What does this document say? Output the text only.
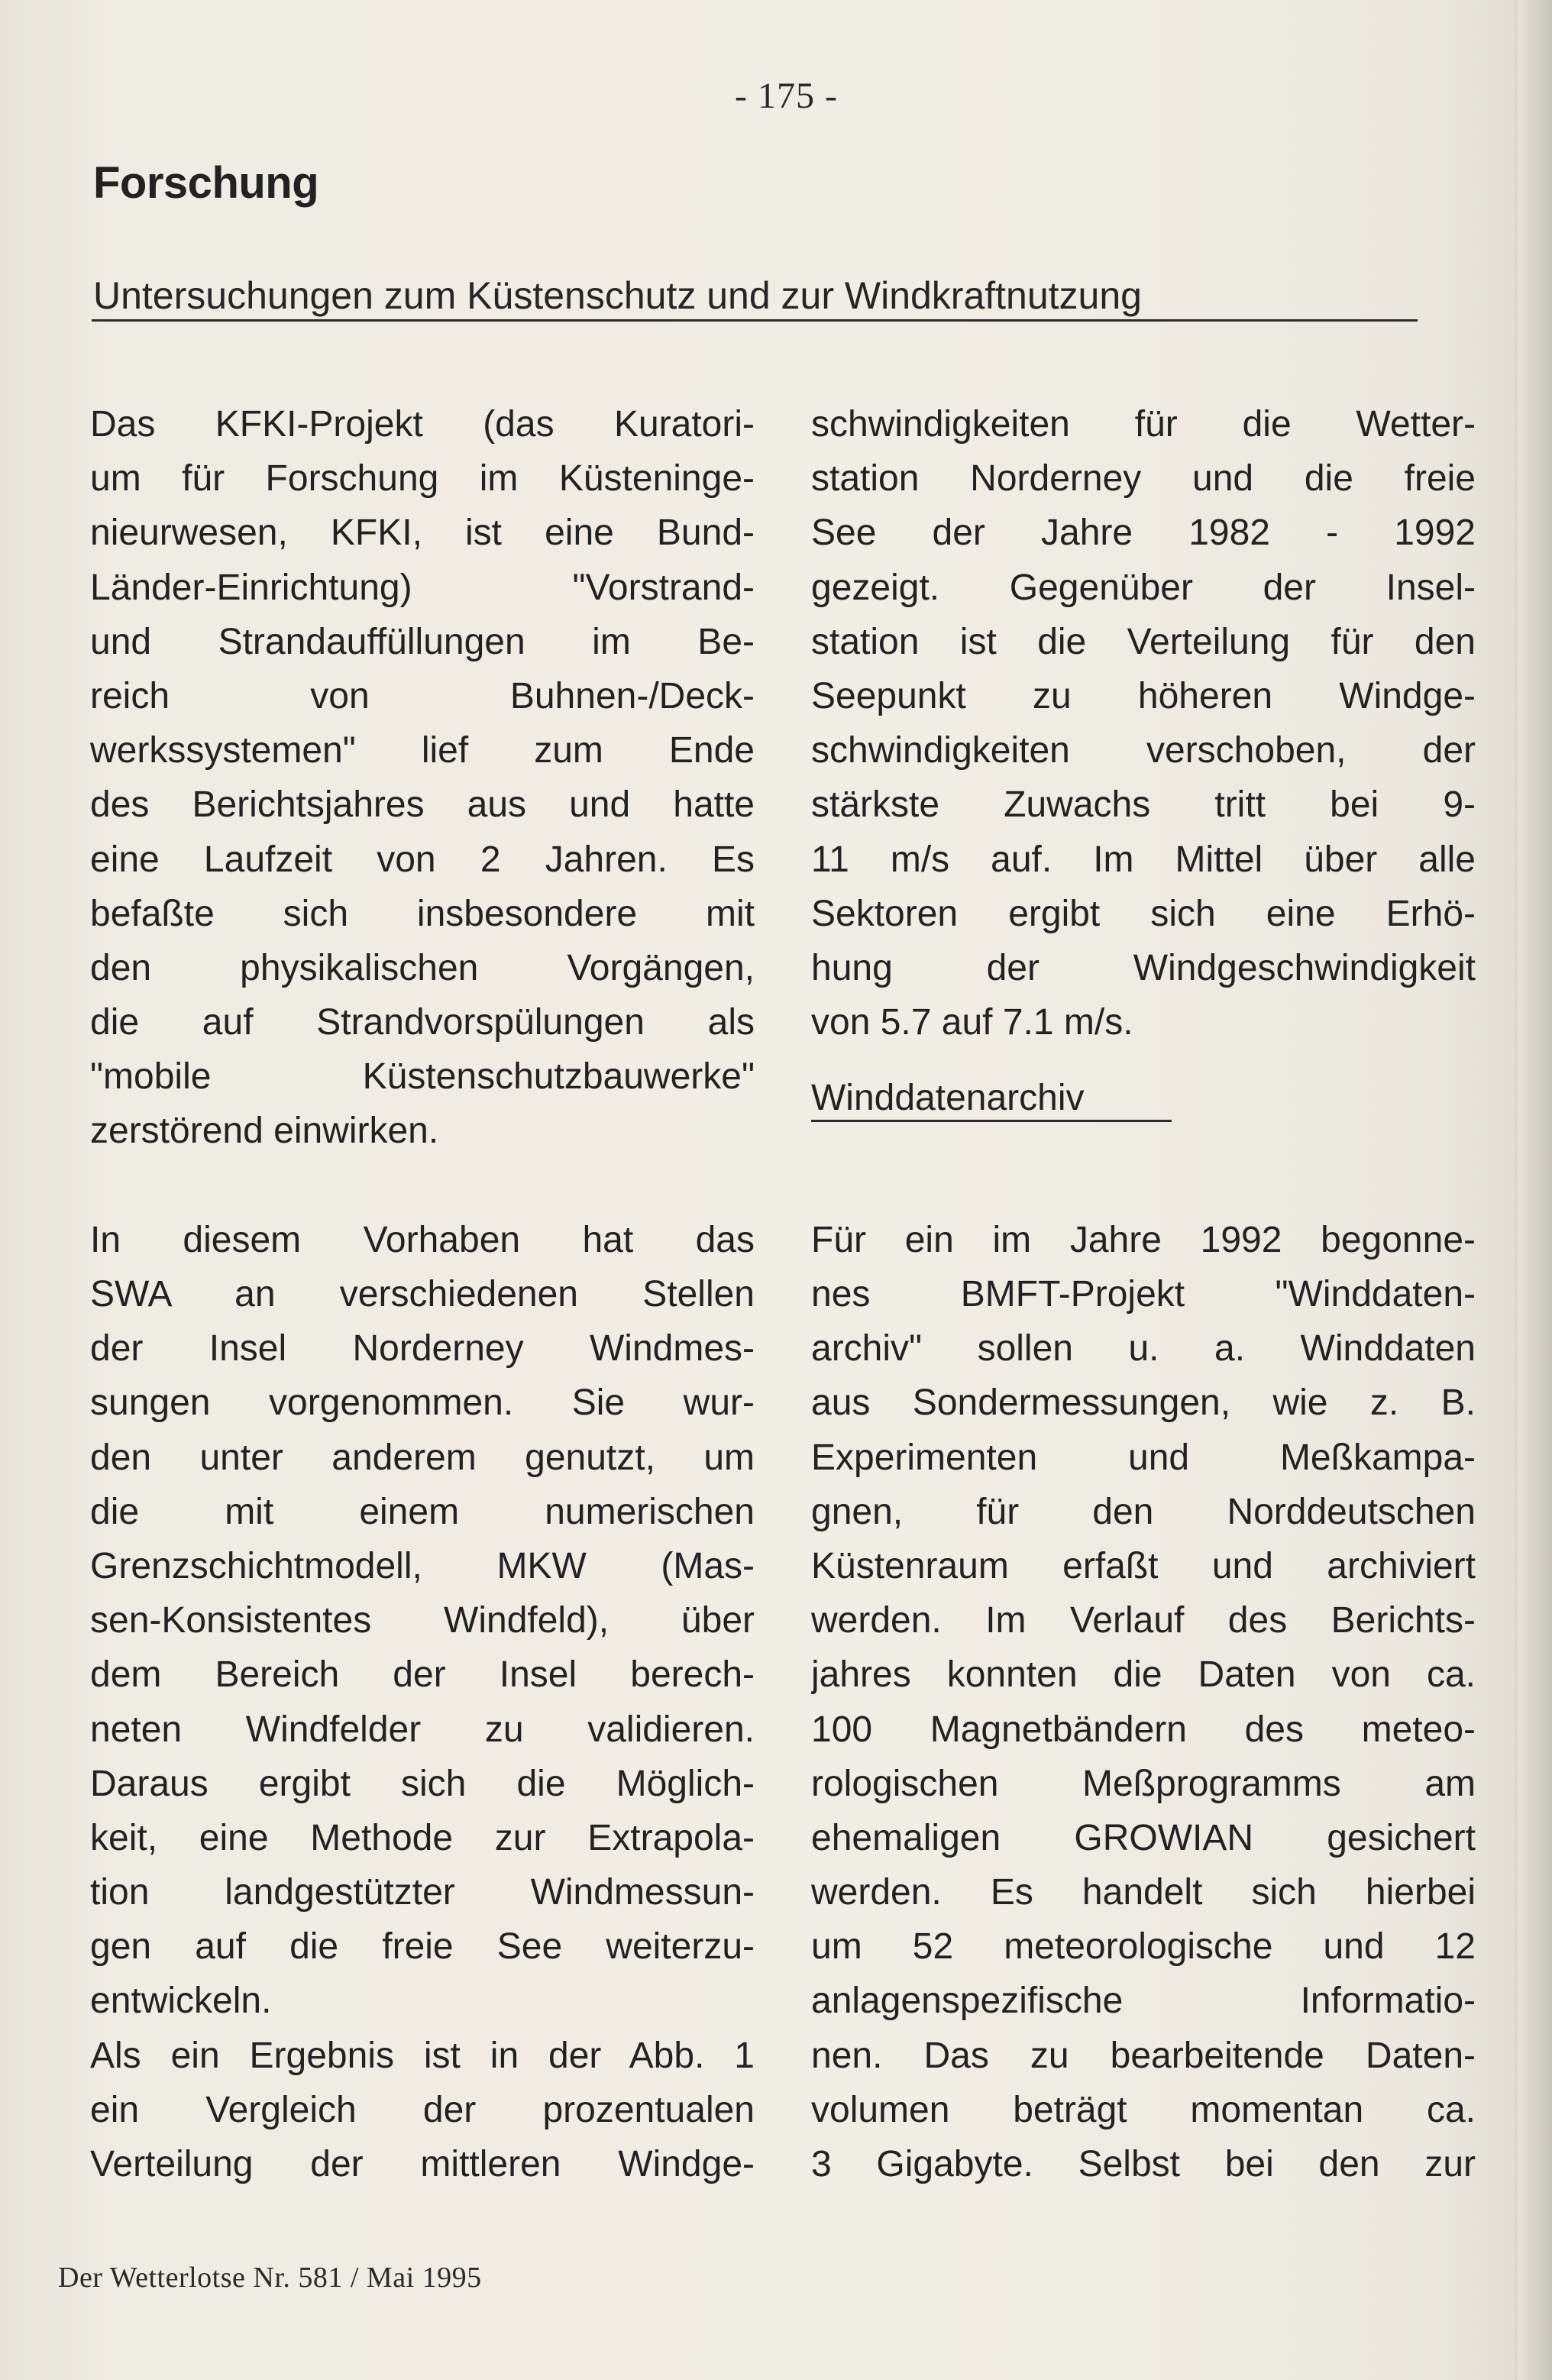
- 175 -
Forschung
Untersuchungen zum Küstenschutz und zur Windkraftnutzung
Das KFKI-Projekt (das Kuratori-
um für Forschung im Küsteninge-
nieurwesen, KFKI, ist eine Bund-
Länder-Einrichtung) "Vorstrand-
und Strandauffüllungen im Be-
reich von Buhnen-/Deck-
werkssystemen" lief zum Ende
des Berichtsjahres aus und hatte
eine Laufzeit von 2 Jahren. Es
befaßte sich insbesondere mit
den physikalischen Vorgängen,
die auf Strandvorspülungen als
"mobile Küstenschutzbauwerke"
zerstörend einwirken.
In diesem Vorhaben hat das
SWA an verschiedenen Stellen
der Insel Norderney Windmes-
sungen vorgenommen. Sie wur-
den unter anderem genutzt, um
die mit einem numerischen
Grenzschichtmodell, MKW (Mas-
sen-Konsistentes Windfeld), über
dem Bereich der Insel berech-
neten Windfelder zu validieren.
Daraus ergibt sich die Möglich-
keit, eine Methode zur Extrapola-
tion landgestützter Windmessun-
gen auf die freie See weiterzu-
entwickeln.
Als ein Ergebnis ist in der Abb. 1
ein Vergleich der prozentualen
Verteilung der mittleren Windge-
schwindigkeiten für die Wetter-
station Norderney und die freie
See der Jahre 1982 - 1992
gezeigt. Gegenüber der Insel-
station ist die Verteilung für den
Seepunkt zu höheren Windge-
schwindigkeiten verschoben, der
stärkste Zuwachs tritt bei 9-
11 m/s auf. Im Mittel über alle
Sektoren ergibt sich eine Erhö-
hung der Windgeschwindigkeit
von 5.7 auf 7.1 m/s.
Winddatenarchiv
Für ein im Jahre 1992 begonne-
nes BMFT-Projekt "Winddaten-
archiv" sollen u. a. Winddaten
aus Sondermessungen, wie z. B.
Experimenten und Meßkampa-
gnen, für den Norddeutschen
Küstenraum erfaßt und archiviert
werden. Im Verlauf des Berichts-
jahres konnten die Daten von ca.
100 Magnetbändern des meteo-
rologischen Meßprogramms am
ehemaligen GROWIAN gesichert
werden. Es handelt sich hierbei
um 52 meteorologische und 12
anlagenspezifische Informatio-
nen. Das zu bearbeitende Daten-
volumen beträgt momentan ca.
3 Gigabyte. Selbst bei den zur
Der Wetterlotse Nr. 581 / Mai 1995
